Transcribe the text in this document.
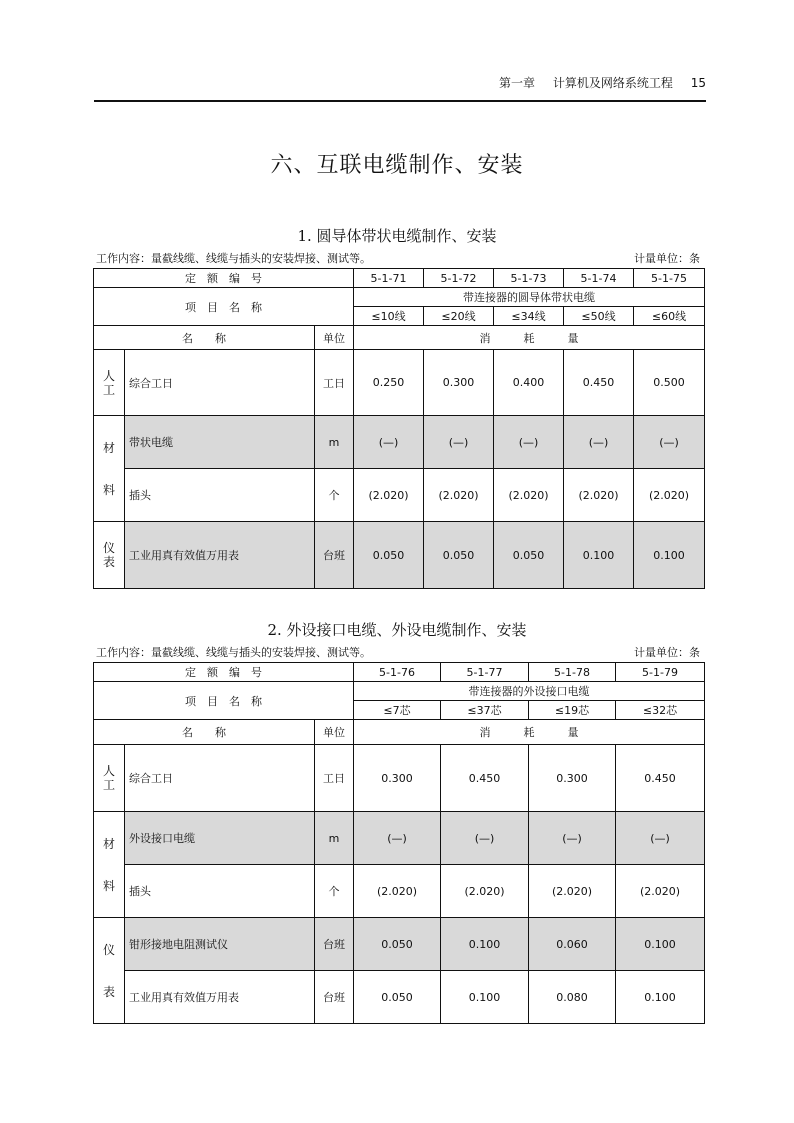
第一章 计算机及网络系统工程 15
六、互联电缆制作、安装
1. 圆导体带状电缆制作、安装
工作内容：量截线缆、线缆与插头的安装焊接、测试等。	计量单位：条
定　额　编　号			5-1-71	5-1-72	5-1-73	5-1-74	5-1-75
项　目　名　称			带连接器的圆导体带状电缆				
			≤10线	≤20线	≤34线	≤50线	≤60线
名　　称		单位	消　　　耗　　　量				

人
工	综合工日	工日	0.250	0.300	0.400	0.450	0.500

材
料	带状电缆	m	(—)	(—)	(—)	(—)	(—)
	插头	个	(2.020)	(2.020)	(2.020)	(2.020)	(2.020)

仪
表	工业用真有效值万用表	台班	0.050	0.050	0.050	0.100	0.100
2. 外设接口电缆、外设电缆制作、安装
工作内容：量截线缆、线缆与插头的安装焊接、测试等。	计量单位：条
定　额　编　号			5-1-76	5-1-77	5-1-78	5-1-79
项　目　名　称			带连接器的外设接口电缆			
			≤7芯	≤37芯	≤19芯	≤32芯
名　　称		单位	消　　　耗　　　量			

人
工	综合工日	工日	0.300	0.450	0.300	0.450

材
料	外设接口电缆	m	(—)	(—)	(—)	(—)
	插头	个	(2.020)	(2.020)	(2.020)	(2.020)

仪
表	钳形接地电阻测试仪	台班	0.050	0.100	0.060	0.100
	工业用真有效值万用表	台班	0.050	0.100	0.080	0.100
